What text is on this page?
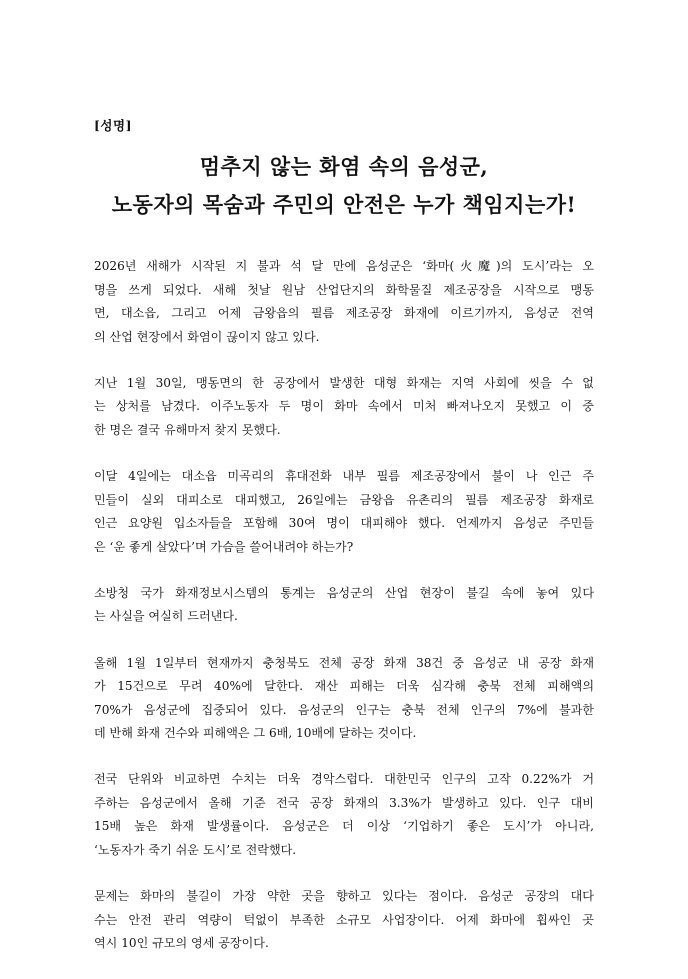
[성명]
멈추지 않는 화염 속의 음성군,
노동자의 목숨과 주민의 안전은 누가 책임지는가!
2026년 새해가 시작된 지 불과 석 달 만에 음성군은 ‘화마(火魔)의 도시’라는 오
명을 쓰게 되었다. 새해 첫날 원남 산업단지의 화학물질 제조공장을 시작으로 맹동
면, 대소읍, 그리고 어제 금왕읍의 필름 제조공장 화재에 이르기까지, 음성군 전역
의 산업 현장에서 화염이 끊이지 않고 있다.
지난 1월 30일, 맹동면의 한 공장에서 발생한 대형 화재는 지역 사회에 씻을 수 없
는 상처를 남겼다. 이주노동자 두 명이 화마 속에서 미처 빠져나오지 못했고 이 중
한 명은 결국 유해마저 찾지 못했다.
이달 4일에는 대소읍 미곡리의 휴대전화 내부 필름 제조공장에서 불이 나 인근 주
민들이 실외 대피소로 대피했고, 26일에는 금왕읍 유촌리의 필름 제조공장 화재로
인근 요양원 입소자들을 포함해 30여 명이 대피해야 했다. 언제까지 음성군 주민들
은 ‘운 좋게 살았다’며 가슴을 쓸어내려야 하는가?
소방청 국가 화재정보시스템의 통계는 음성군의 산업 현장이 불길 속에 놓여 있다
는 사실을 여실히 드러낸다.
올해 1월 1일부터 현재까지 충청북도 전체 공장 화재 38건 중 음성군 내 공장 화재
가 15건으로 무려 40%에 달한다. 재산 피해는 더욱 심각해 충북 전체 피해액의
70%가 음성군에 집중되어 있다. 음성군의 인구는 충북 전체 인구의 7%에 불과한
데 반해 화재 건수와 피해액은 그 6배, 10배에 달하는 것이다.
전국 단위와 비교하면 수치는 더욱 경악스럽다. 대한민국 인구의 고작 0.22%가 거
주하는 음성군에서 올해 기준 전국 공장 화재의 3.3%가 발생하고 있다. 인구 대비
15배 높은 화재 발생률이다. 음성군은 더 이상 ‘기업하기 좋은 도시’가 아니라,
‘노동자가 죽기 쉬운 도시’로 전락했다.
문제는 화마의 불길이 가장 약한 곳을 향하고 있다는 점이다. 음성군 공장의 대다
수는 안전 관리 역량이 턱없이 부족한 소규모 사업장이다. 어제 화마에 휩싸인 곳
역시 10인 규모의 영세 공장이다.
